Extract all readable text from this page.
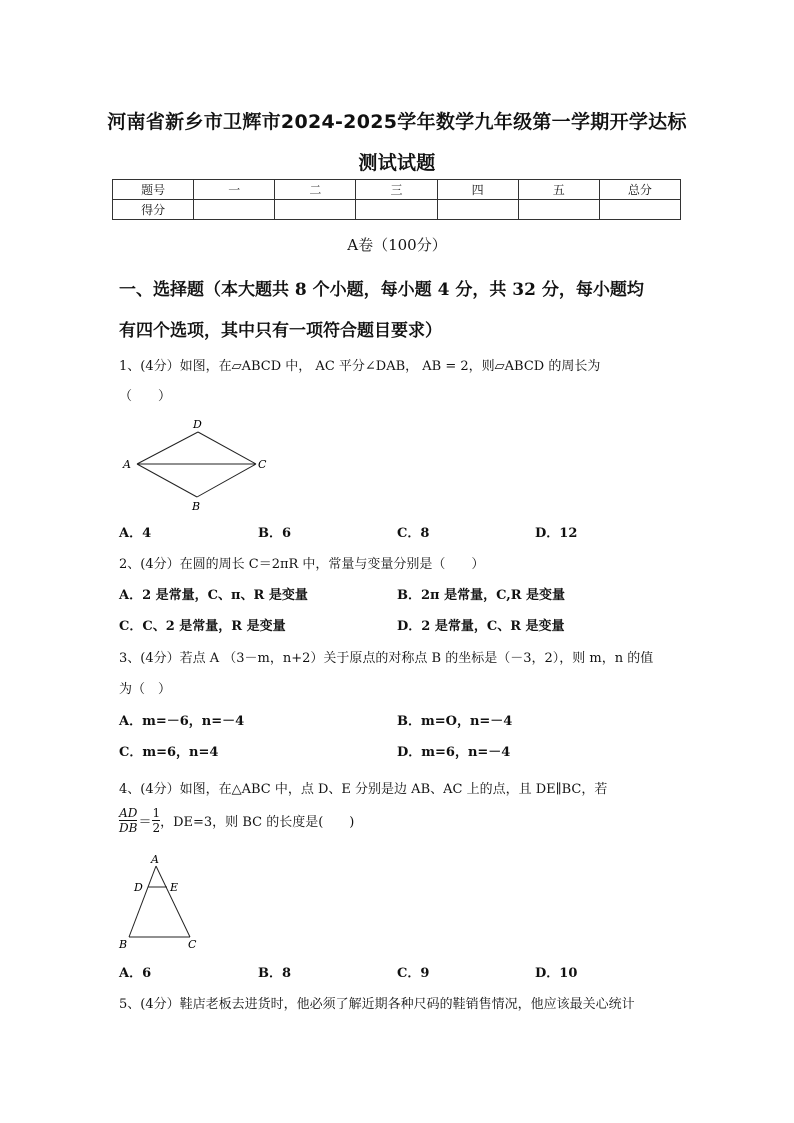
河南省新乡市卫辉市2024-2025学年数学九年级第一学期开学达标
测试试题
题号	一	二	三	四	五	总分
得分						
A卷（100分）
一、选择题（本大题共 8 个小题，每小题 4 分，共 32 分，每小题均
有四个选项，其中只有一项符合题目要求）
1、(4分）如图，在▱ABCD 中， AC 平分∠DAB， AB = 2，则▱ABCD 的周长为
（　　）
A
D
C
B
A．4	B．6	C．8	D．12
2、(4分）在圆的周长 C＝2πR 中，常量与变量分别是（　　）
A．2 是常量，C、π、R 是变量	B．2π 是常量，C,R 是变量
C．C、2 是常量，R 是变量	D．2 是常量，C、R 是变量
3、(4分）若点 A （3－m，n+2）关于原点的对称点 B 的坐标是（－3，2），则 m，n 的值
为（　）
A．m=－6，n=－4	B．m=O，n=－4
C．m=6，n=4	D．m=6，n=－4
4、(4分）如图，在△ABC 中，点 D、E 分别是边 AB、AC 上的点，且 DE∥BC，若
$\frac{AD}{DB} = \frac{1}{2}$ ，DE=3，则 BC 的长度是(　　)
A
D E
B	C
A．6	B．8	C．9	D．10
5、(4分）鞋店老板去进货时，他必须了解近期各种尺码的鞋销售情况，他应该最关心统计
